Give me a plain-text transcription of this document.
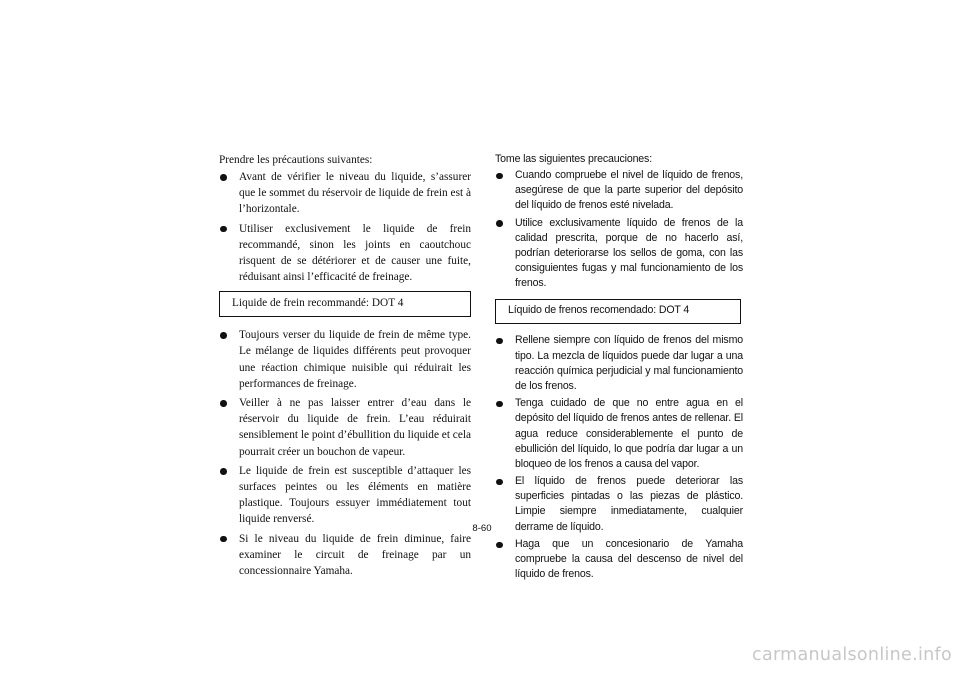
Prendre les précautions suivantes:

Avant de vérifier le niveau du liquide, s’assurer que le sommet du réservoir de liquide de frein est à l’horizontale.
Utiliser exclusivement le liquide de frein recommandé, sinon les joints en caoutchouc risquent de se détériorer et de causer une fuite, réduisant ainsi l’efficacité de freinage.
Liquide de frein recommandé: DOT 4
Toujours verser du liquide de frein de même type. Le mélange de liquides différents peut provoquer une réaction chimique nuisible qui réduirait les performances de freinage.
Veiller à ne pas laisser entrer d’eau dans le réservoir du liquide de frein. L’eau réduirait sensiblement le point d’ébullition du liquide et cela pourrait créer un bouchon de vapeur.
Le liquide de frein est susceptible d’attaquer les surfaces peintes ou les éléments en matière plastique. Toujours essuyer immédiatement tout liquide renversé.
Si le niveau du liquide de frein diminue, faire examiner le circuit de freinage par un concessionnaire Yamaha.

Tome las siguientes precauciones:

Cuando compruebe el nivel de líquido de frenos, asegúrese de que la parte superior del depósito del líquido de frenos esté nivelada.
Utilice exclusivamente líquido de frenos de la calidad prescrita, porque de no hacerlo así, podrían deteriorarse los sellos de goma, con las consiguientes fugas y mal funcionamiento de los frenos.
Líquido de frenos recomendado: DOT 4
Rellene siempre con líquido de frenos del mismo tipo. La mezcla de líquidos puede dar lugar a una reacción química perjudicial y mal funcionamiento de los frenos.
Tenga cuidado de que no entre agua en el depósito del líquido de frenos antes de rellenar. El agua reduce considerablemente el punto de ebullición del líquido, lo que podría dar lugar a un bloqueo de los frenos a causa del vapor.
El líquido de frenos puede deteriorar las superficies pintadas o las piezas de plástico. Limpie siempre inmediatamente, cualquier derrame de líquido.
Haga que un concesionario de Yamaha compruebe la causa del descenso de nivel del líquido de frenos.
8-60
carmanualsonline.info
